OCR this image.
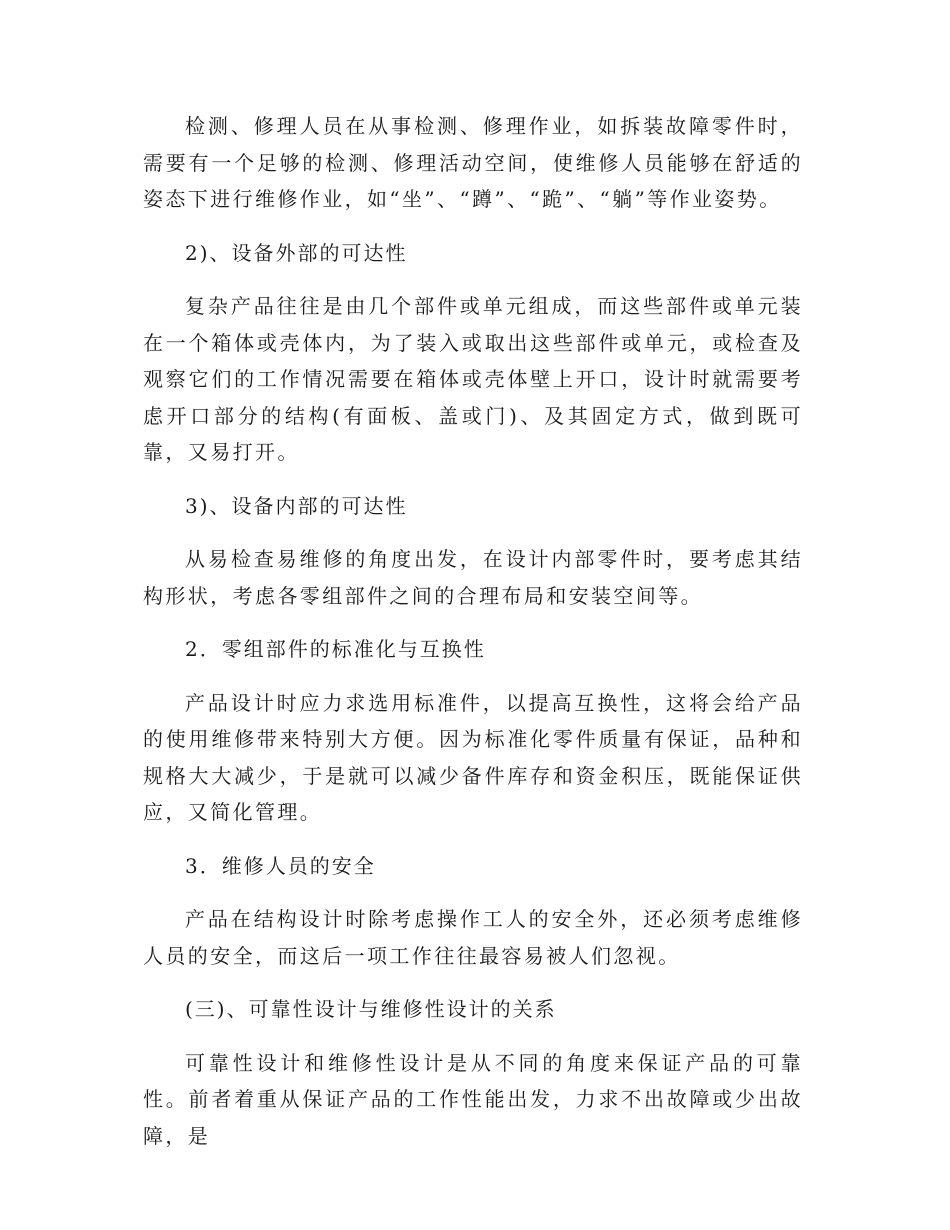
检测、修理人员在从事检测、修理作业，如拆装故障零件时，需要有一个足够的检测、修理活动空间，使维修人员能够在舒适的姿态下进行维修作业，如“坐”、“蹲”、“跪”、“躺”等作业姿势。

2)、设备外部的可达性

复杂产品往往是由几个部件或单元组成，而这些部件或单元装在一个箱体或壳体内，为了装入或取出这些部件或单元，或检查及观察它们的工作情况需要在箱体或壳体壁上开口，设计时就需要考虑开口部分的结构(有面板、盖或门)、及其固定方式，做到既可靠，又易打开。

3)、设备内部的可达性

从易检查易维修的角度出发，在设计内部零件时，要考虑其结构形状，考虑各零组部件之间的合理布局和安装空间等。

2．零组部件的标准化与互换性

产品设计时应力求选用标准件，以提高互换性，这将会给产品的使用维修带来特别大方便。因为标准化零件质量有保证，品种和规格大大减少，于是就可以减少备件库存和资金积压，既能保证供应，又简化管理。

3．维修人员的安全

产品在结构设计时除考虑操作工人的安全外，还必须考虑维修人员的安全，而这后一项工作往往最容易被人们忽视。

(三)、可靠性设计与维修性设计的关系

可靠性设计和维修性设计是从不同的角度来保证产品的可靠性。前者着重从保证产品的工作性能出发，力求不出故障或少出故障，是
